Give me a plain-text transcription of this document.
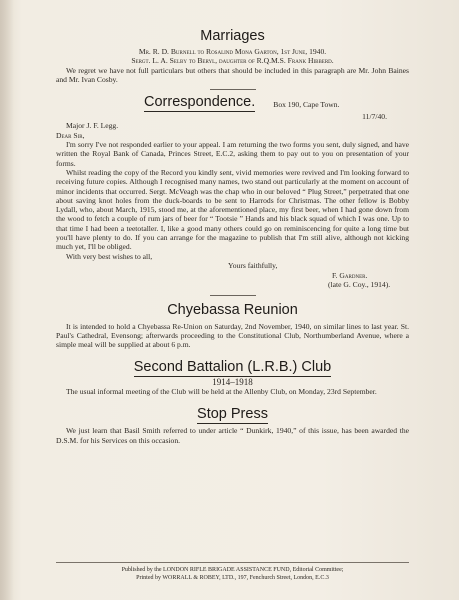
Marriages

Mr. R. D. Burnell to Rosalind Mona Garton, 1st June, 1940.

Sergt. L. A. Selby to Beryl, daughter of R.Q.M.S. Frank Hibberd.

We regret we have not full particulars but others that should be included in this paragraph are Mr. John Baines and Mr. Ivan Cosby.

Correspondence. $^{Box 190, Cape Town.}$

11/7/40.

Major J. F. Legg.

Dear Sir,

I'm sorry I've not responded earlier to your appeal. I am returning the two forms you sent, duly signed, and have written the Royal Bank of Canada, Princes Street, E.C.2, asking them to pay out to you on presentation of your forms.

Whilst reading the copy of the Record you kindly sent, vivid memories were revived and I'm looking forward to receiving future copies. Although I recognised many names, two stand out particularly at the moment on account of minor incidents that occurred. Sergt. McVeagh was the chap who in our beloved “ Plug Street,” perpetrated that one about saving knot holes from the duck-boards to be sent to Harrods for Christmas. The other fellow is Bobby Lydall, who, about March, 1915, stood me, at the aforementioned place, my first beer, when I had gone down from the wood to fetch a couple of rum jars of beer for “ Tootsie ” Hands and his black squad of which I was one. Up to that time I had been a teetotaller. I, like a good many others could go on reminiscencing for quite a long time but you'll have plenty to do. If you can arrange for the magazine to publish that I'm still alive, although not kicking much yet, I'll be obliged.

With very best wishes to all,

Yours faithfully,
F. Gardner.
(late G. Coy., 1914).
Chyebassa Reunion

It is intended to hold a Chyebassa Re-Union on Saturday, 2nd November, 1940, on similar lines to last year. St. Paul's Cathedral, Evensong; afterwards proceeding to the Constitutional Club, Northumberland Avenue, where a simple meal will be supplied at about 6 p.m.

Second Battalion (L.R.B.) Club

1914–1918

The usual informal meeting of the Club will be held at the Allenby Club, on Monday, 23rd September.

Stop Press

We just learn that Basil Smith referred to under article “ Dunkirk, 1940,” of this issue, has been awarded the D.S.M. for his Services on this occasion.

Published by the LONDON RIFLE BRIGADE ASSISTANCE FUND, Editorial Committee;
Printed by WORRALL & ROBEY, LTD., 197, Fenchurch Street, London, E.C.3
